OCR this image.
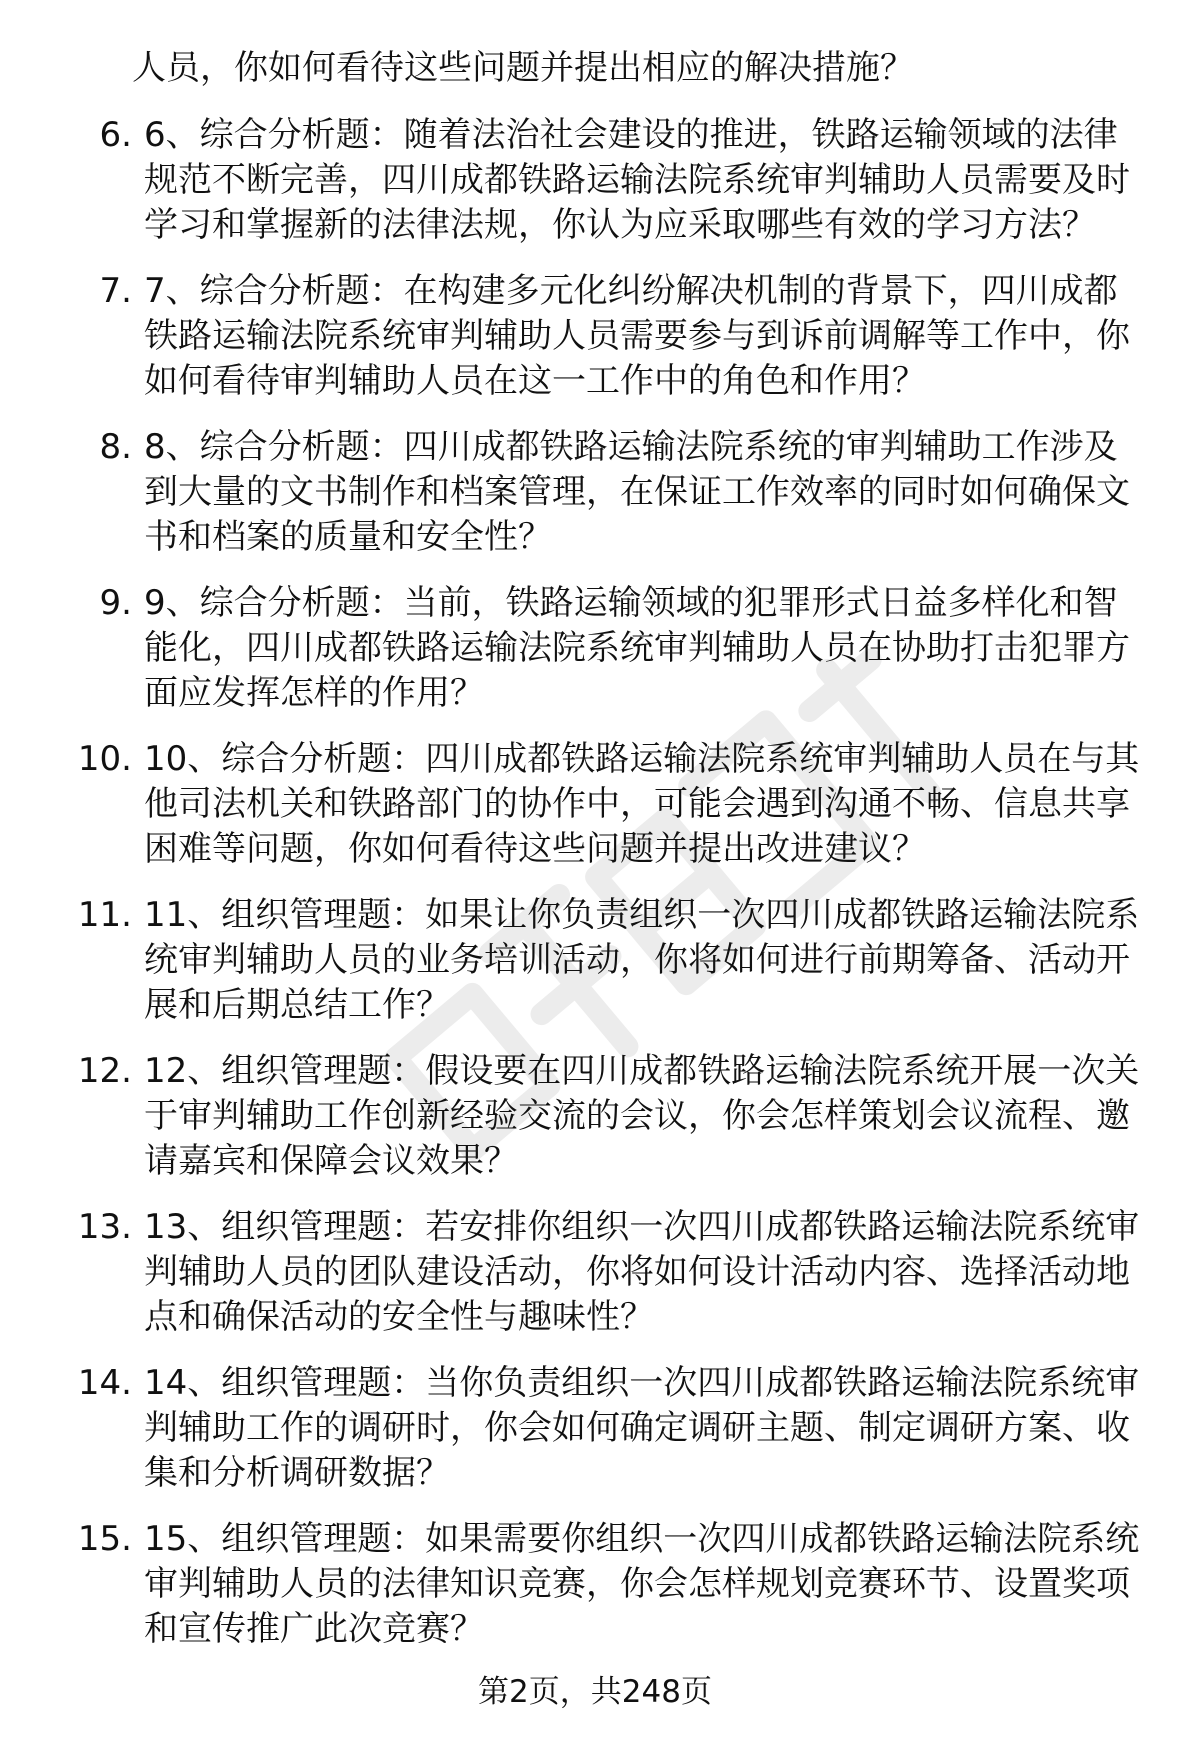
人员，你如何看待这些问题并提出相应的解决措施？
6. 6、综合分析题：随着法治社会建设的推进，铁路运输领域的法律规范不断完善，四川成都铁路运输法院系统审判辅助人员需要及时学习和掌握新的法律法规，你认为应采取哪些有效的学习方法？
7. 7、综合分析题：在构建多元化纠纷解决机制的背景下，四川成都铁路运输法院系统审判辅助人员需要参与到诉前调解等工作中，你如何看待审判辅助人员在这一工作中的角色和作用？
8. 8、综合分析题：四川成都铁路运输法院系统的审判辅助工作涉及到大量的文书制作和档案管理，在保证工作效率的同时如何确保文书和档案的质量和安全性？
9. 9、综合分析题：当前，铁路运输领域的犯罪形式日益多样化和智能化，四川成都铁路运输法院系统审判辅助人员在协助打击犯罪方面应发挥怎样的作用？
10. 10、综合分析题：四川成都铁路运输法院系统审判辅助人员在与其他司法机关和铁路部门的协作中，可能会遇到沟通不畅、信息共享困难等问题，你如何看待这些问题并提出改进建议？
11. 11、组织管理题：如果让你负责组织一次四川成都铁路运输法院系统审判辅助人员的业务培训活动，你将如何进行前期筹备、活动开展和后期总结工作？
12. 12、组织管理题：假设要在四川成都铁路运输法院系统开展一次关于审判辅助工作创新经验交流的会议，你会怎样策划会议流程、邀请嘉宾和保障会议效果？
13. 13、组织管理题：若安排你组织一次四川成都铁路运输法院系统审判辅助人员的团队建设活动，你将如何设计活动内容、选择活动地点和确保活动的安全性与趣味性？
14. 14、组织管理题：当你负责组织一次四川成都铁路运输法院系统审判辅助工作的调研时，你会如何确定调研主题、制定调研方案、收集和分析调研数据？
15. 15、组织管理题：如果需要你组织一次四川成都铁路运输法院系统审判辅助人员的法律知识竞赛，你会怎样规划竞赛环节、设置奖项和宣传推广此次竞赛？
第2页，共248页
